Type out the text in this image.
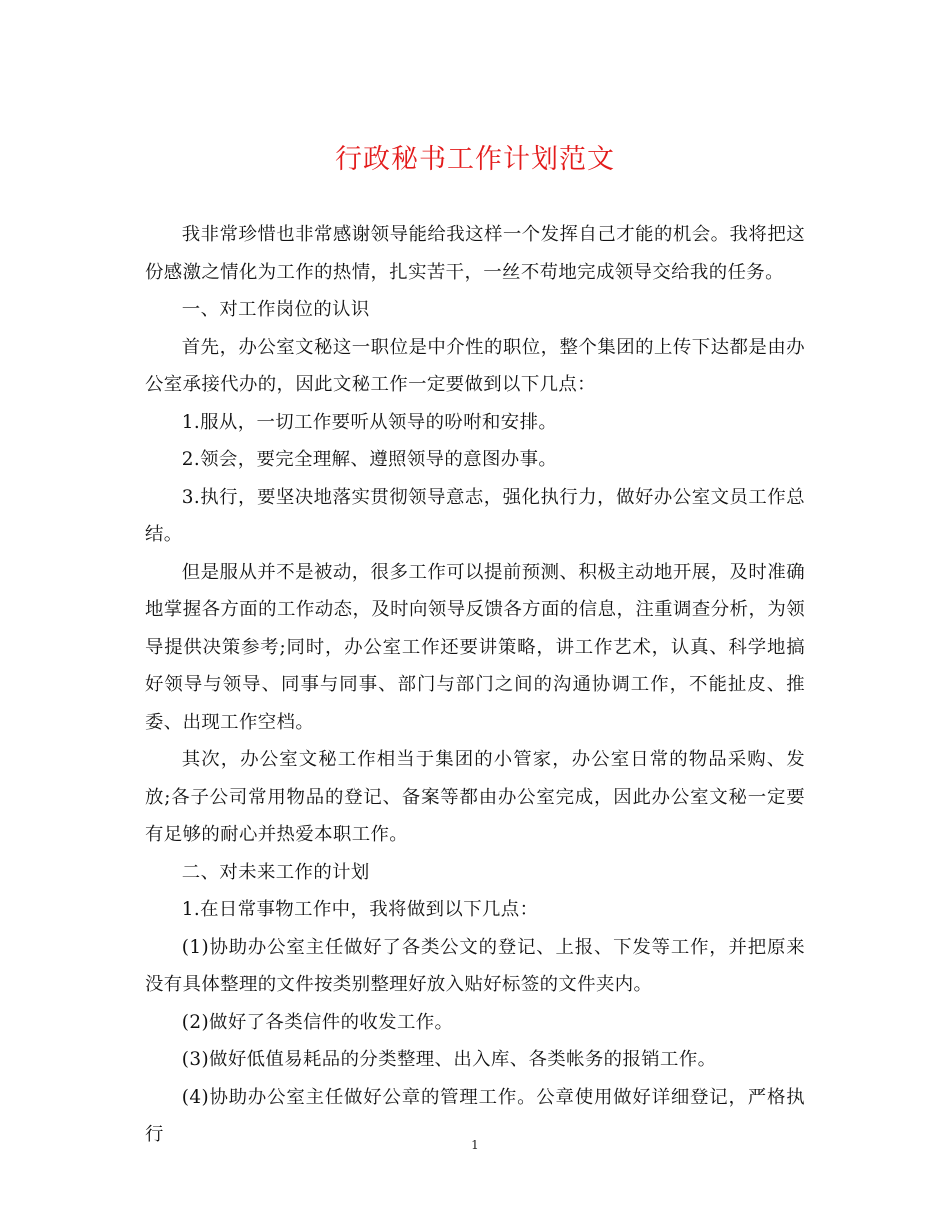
行政秘书工作计划范文

我非常珍惜也非常感谢领导能给我这样一个发挥自己才能的机会。我将把这份感激之情化为工作的热情，扎实苦干，一丝不苟地完成领导交给我的任务。

一、对工作岗位的认识

首先，办公室文秘这一职位是中介性的职位，整个集团的上传下达都是由办公室承接代办的，因此文秘工作一定要做到以下几点：

1.服从，一切工作要听从领导的吩咐和安排。

2.领会，要完全理解、遵照领导的意图办事。

3.执行，要坚决地落实贯彻领导意志，强化执行力，做好办公室文员工作总结。

但是服从并不是被动，很多工作可以提前预测、积极主动地开展，及时准确地掌握各方面的工作动态，及时向领导反馈各方面的信息，注重调查分析，为领导提供决策参考;同时，办公室工作还要讲策略，讲工作艺术，认真、科学地搞好领导与领导、同事与同事、部门与部门之间的沟通协调工作，不能扯皮、推委、出现工作空档。

其次，办公室文秘工作相当于集团的小管家，办公室日常的物品采购、发放;各子公司常用物品的登记、备案等都由办公室完成，因此办公室文秘一定要有足够的耐心并热爱本职工作。

二、对未来工作的计划

1.在日常事物工作中，我将做到以下几点：

(1)协助办公室主任做好了各类公文的登记、上报、下发等工作，并把原来没有具体整理的文件按类别整理好放入贴好标签的文件夹内。

(2)做好了各类信件的收发工作。

(3)做好低值易耗品的分类整理、出入库、各类帐务的报销工作。

(4)协助办公室主任做好公章的管理工作。公章使用做好详细登记，严格执行	1
